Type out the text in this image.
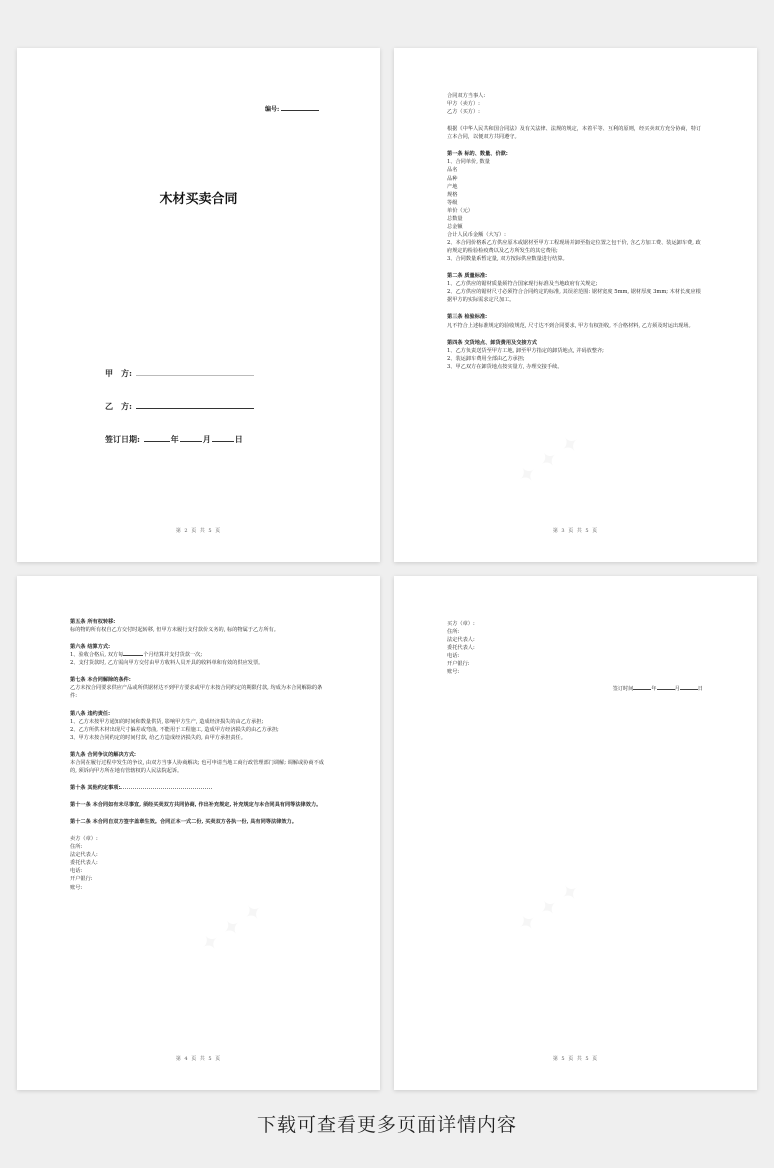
编号:
木材买卖合同
甲　方:
乙　方:
签订日期:	年	月	日
第 2 页 共 5 页

合同双方当事人:

甲方（卖方）:

乙方（买方）:

根据《中华人民共和国合同法》及有关法律、法规的规定，本着平等、互利的原则，经买卖双方充分协商，特订立本合同，以便双方共同遵守。

第一条 标的、数量、价款:

1、合同单价, 数量

品名

品种

产地

规格

等级

单价（元）

总数量

总金额

合计人民币金额（大写）:

2、本合同价格系乙方供应原木或锯材至甲方工程现场并卸至指定位置之包干价, 含乙方加工费、装运卸车费, 政府规定的检验检疫费以及乙方所发生的其它费用;

3、合同数量系暂定量, 双方按际供应数量进行结算。

第二条 质量标准:

1、乙方供应的锯材质量须符合国家现行标准及当地政府有关规定;

2、乙方供应的锯材尺寸必须符合合同约定的标准, 其误差范围: 锯材宽度 5mm, 锯材厚度 3mm; 木材长度应根据甲方的实际需求定尺加工。

第三条 检验标准:

凡不符合上述标准规定的验收规范, 尺寸达不到合同要求, 甲方有权拒收, 不合格材料, 乙方须及时运出现场。

第四条 交货地点、卸货费用及交接方式

1、乙方负责送货至甲方工地, 卸至甲方指定的卸货地点, 并码放整齐;

2、装运卸车费用全部由乙方承担;

3、甲乙双方在卸货地点按实量方, 办理交接手续。

第 3 页 共 5 页

第五条 所有权转移:

标的物的所有权自乙方交付时起转移, 但甲方未履行支付款价义务的, 标的物属于乙方所有。

第六条 结算方式:

1、验收合格后, 双方每	个月结算并支付货款一次;

2、支付货款时, 乙方需向甲方交付由甲方收料人员开具的收料单和有效的供应发票。

第七条 本合同解除的条件:

乙方未按合同要求供应产品或所供锯材达不到甲方要求或甲方未按合同约定的期限付款, 均成为本合同解除的条件:

第八条 违约责任:

1、乙方未按甲方通知的时间和数量供货, 影响甲方生产, 造成经济损失的由乙方承担;

2、乙方所供木材出现尺寸偏差或弯曲, 不能用于工程施工, 造成甲方经济损失的由乙方承担;

3、甲方未按合同约定的时间付款, 给乙方造成经济损失的, 由甲方承担责任。

第九条 合同争议的解决方式:

本合同在履行过程中发生的争议, 由双方当事人协商解决; 也可申请当地工商行政管理部门调解; 调解或协商不成的, 须诉向甲方所在地有管辖权的人民法院起诉。

第十条 其他约定事项:

第十一条 本合同如有未尽事宜, 须经买卖双方共同协商, 作出补充规定, 补充规定与本合同具有同等法律效力。

第十二条 本合同自双方签字盖章生效。合同正本一式二份, 买卖双方各执一份, 具有同等法律效力。

卖方（章）:

住所:

法定代表人:

委托代表人:

电话:

开户银行:

账号:

第 4 页 共 5 页

买方（章）:

住所:

法定代表人:

委托代表人:

电话:

开户银行:

账号:

签订时间	年	月	日

第 5 页 共 5 页
下载可查看更多页面详情内容
